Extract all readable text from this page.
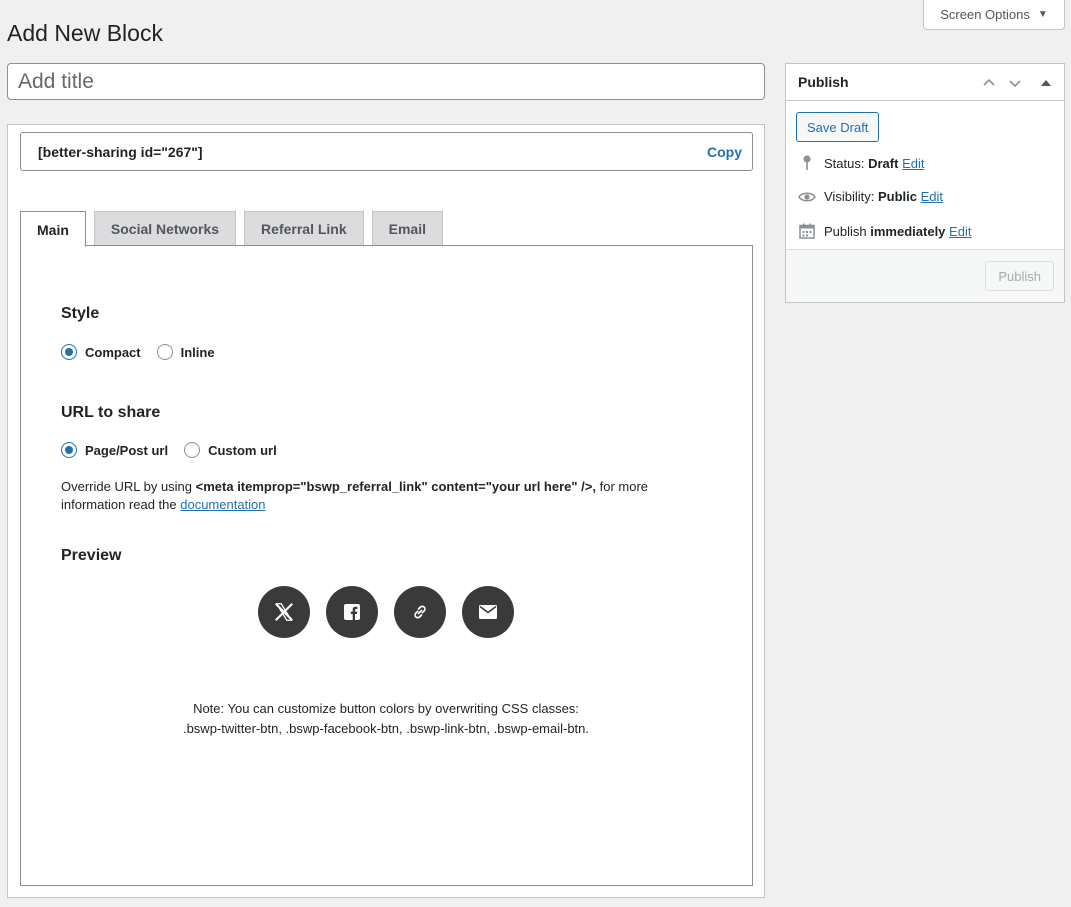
Screen Options ▼
Add New Block
Add title
[better-sharing id="267"]	Copy
Main	Social Networks	Referral Link	Email
Style
Compact	Inline
URL to share
Page/Post url	Custom url
Override URL by using <meta itemprop="bswp_referral_link" content="your url here" />, for more information read the documentation
Preview
Note: You can customize button colors by overwriting CSS classes: .bswp-twitter-btn, .bswp-facebook-btn, .bswp-link-btn, .bswp-email-btn.
Publish
Save Draft
Status: Draft Edit
Visibility: Public Edit
Publish immediately Edit
Publish
